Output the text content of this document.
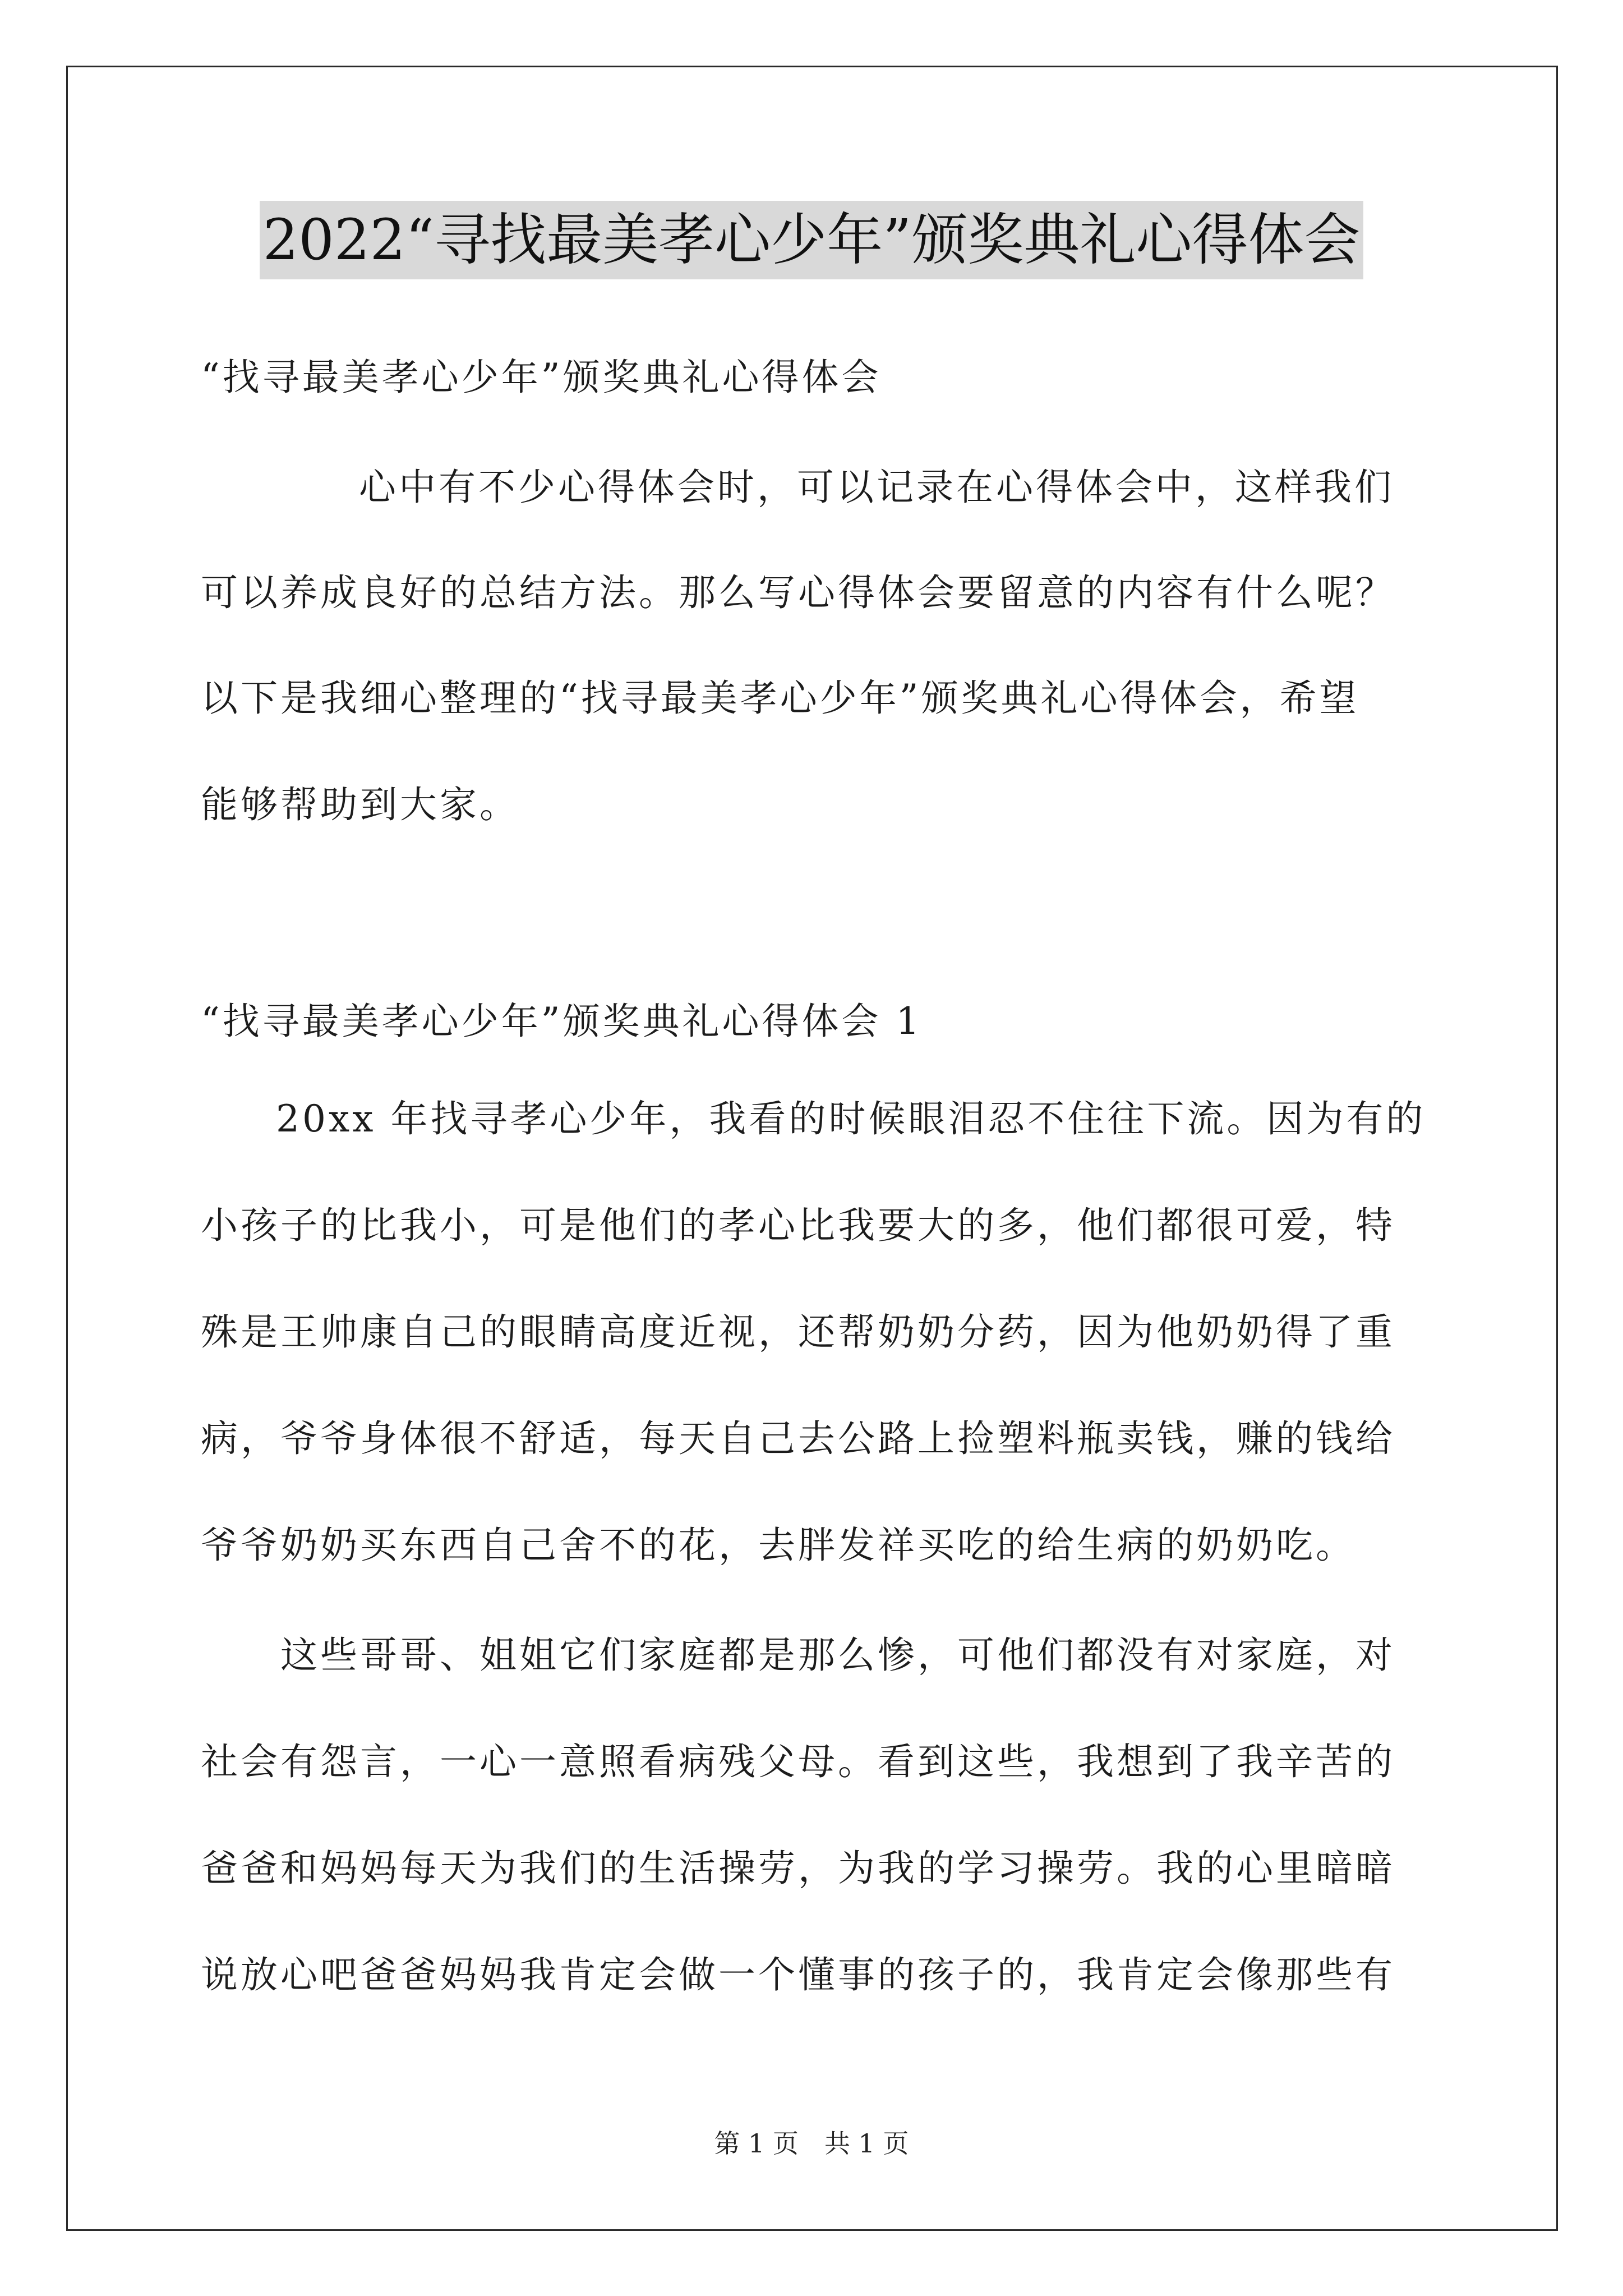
2022“寻找最美孝心少年”颁奖典礼心得体会
“找寻最美孝心少年”颁奖典礼心得体会
心中有不少心得体会时，可以记录在心得体会中，这样我们
可以养成良好的总结方法。那么写心得体会要留意的内容有什么呢？
以下是我细心整理的“找寻最美孝心少年”颁奖典礼心得体会，希望
能够帮助到大家。
“找寻最美孝心少年”颁奖典礼心得体会 1
20xx 年找寻孝心少年，我看的时候眼泪忍不住往下流。因为有的
小孩子的比我小，可是他们的孝心比我要大的多，他们都很可爱，特
殊是王帅康自己的眼睛高度近视，还帮奶奶分药，因为他奶奶得了重
病，爷爷身体很不舒适，每天自己去公路上捡塑料瓶卖钱，赚的钱给
爷爷奶奶买东西自己舍不的花，去胖发祥买吃的给生病的奶奶吃。
这些哥哥、姐姐它们家庭都是那么惨，可他们都没有对家庭，对
社会有怨言，一心一意照看病残父母。看到这些，我想到了我辛苦的
爸爸和妈妈每天为我们的生活操劳，为我的学习操劳。我的心里暗暗
说放心吧爸爸妈妈我肯定会做一个懂事的孩子的，我肯定会像那些有
第 1 页　共 1 页
